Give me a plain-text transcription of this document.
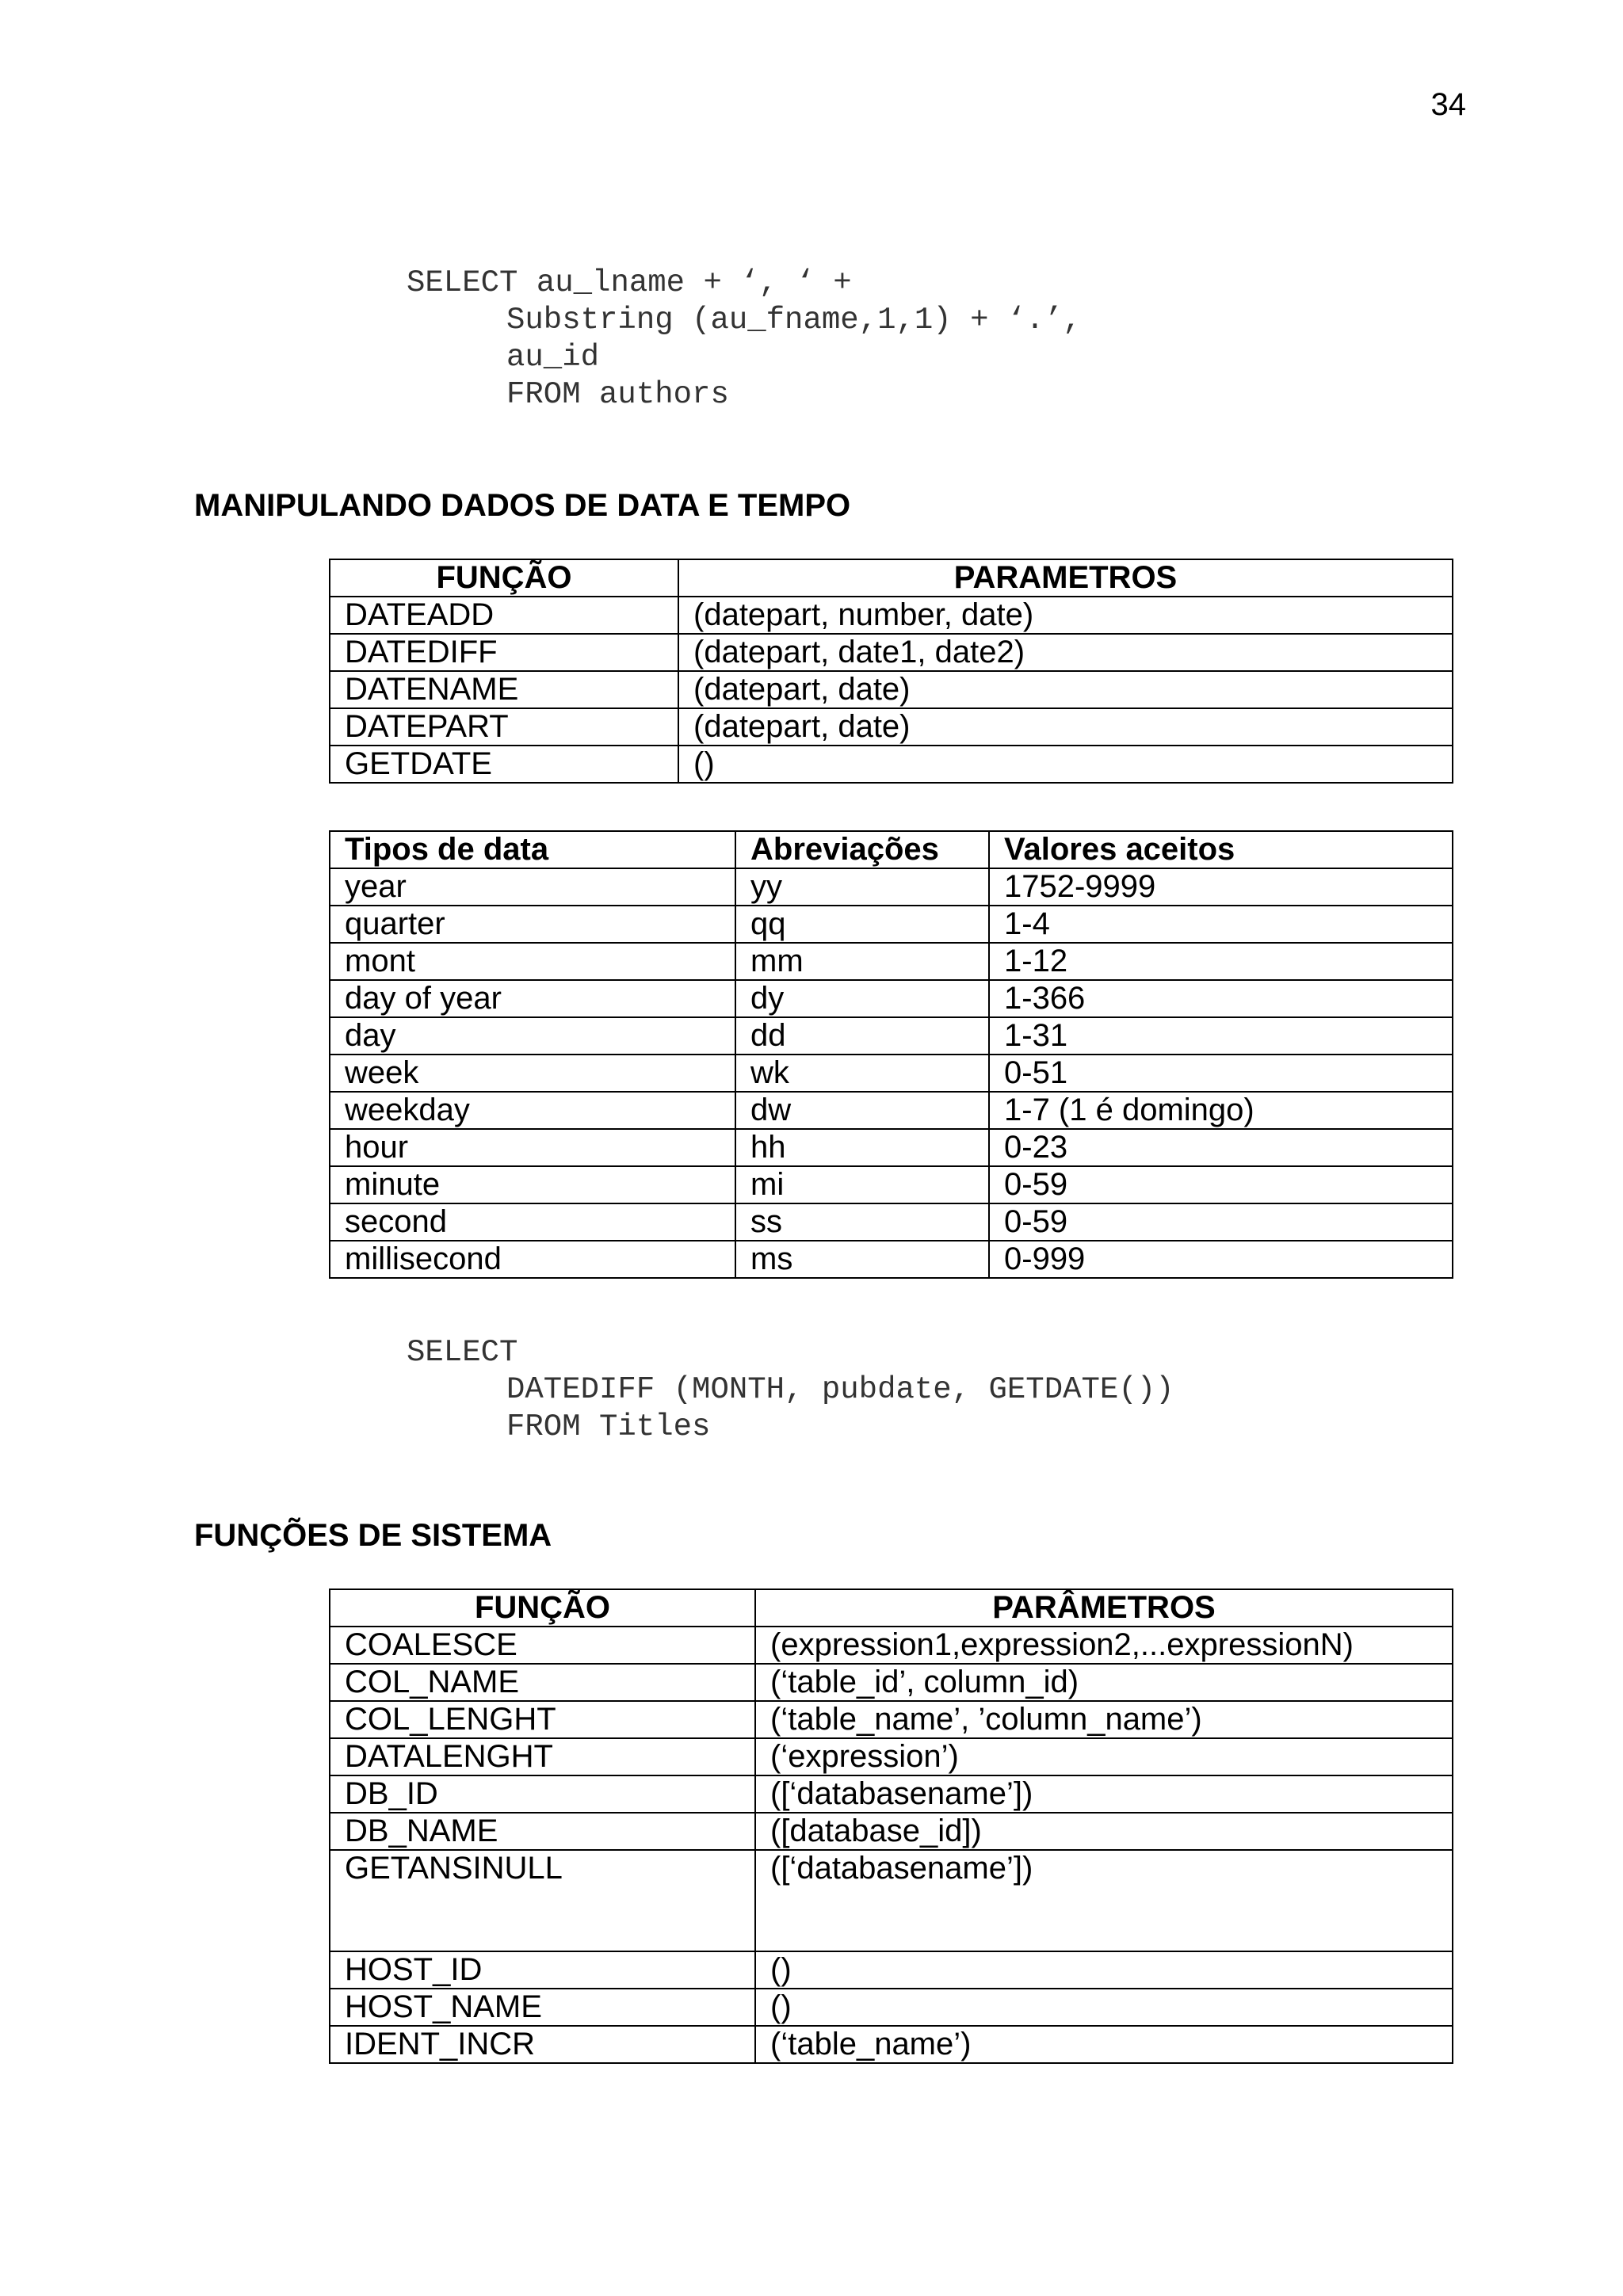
34
SELECT au_lname + ‘, ‘ +

Substring (au_fname,1,1) + ‘.’,
au_id
FROM authors
MANIPULANDO DADOS DE DATA E TEMPO
FUNÇÃO	PARAMETROS
DATEADD	(datepart, number, date)
DATEDIFF	(datepart, date1, date2)
DATENAME	(datepart, date)
DATEPART	(datepart, date)
GETDATE	()
Tipos de data	Abreviações	Valores aceitos
year	yy	1752-9999
quarter	qq	1-4
mont	mm	1-12
day of year	dy	1-366
day	dd	1-31
week	wk	0-51
weekday	dw	1-7 (1 é domingo)
hour	hh	0-23
minute	mi	0-59
second	ss	0-59
millisecond	ms	0-999
SELECT

DATEDIFF (MONTH, pubdate, GETDATE())
FROM Titles
FUNÇÕES DE SISTEMA
FUNÇÃO	PARÂMETROS
COALESCE	(expression1,expression2,...expressionN)
COL_NAME	(‘table_id’, column_id)
COL_LENGHT	(‘table_name’, ’column_name’)
DATALENGHT	(‘expression’)
DB_ID	([‘databasename’])
DB_NAME	([database_id])
GETANSINULL	([‘databasename’])
HOST_ID	()
HOST_NAME	()
IDENT_INCR	(‘table_name’)
